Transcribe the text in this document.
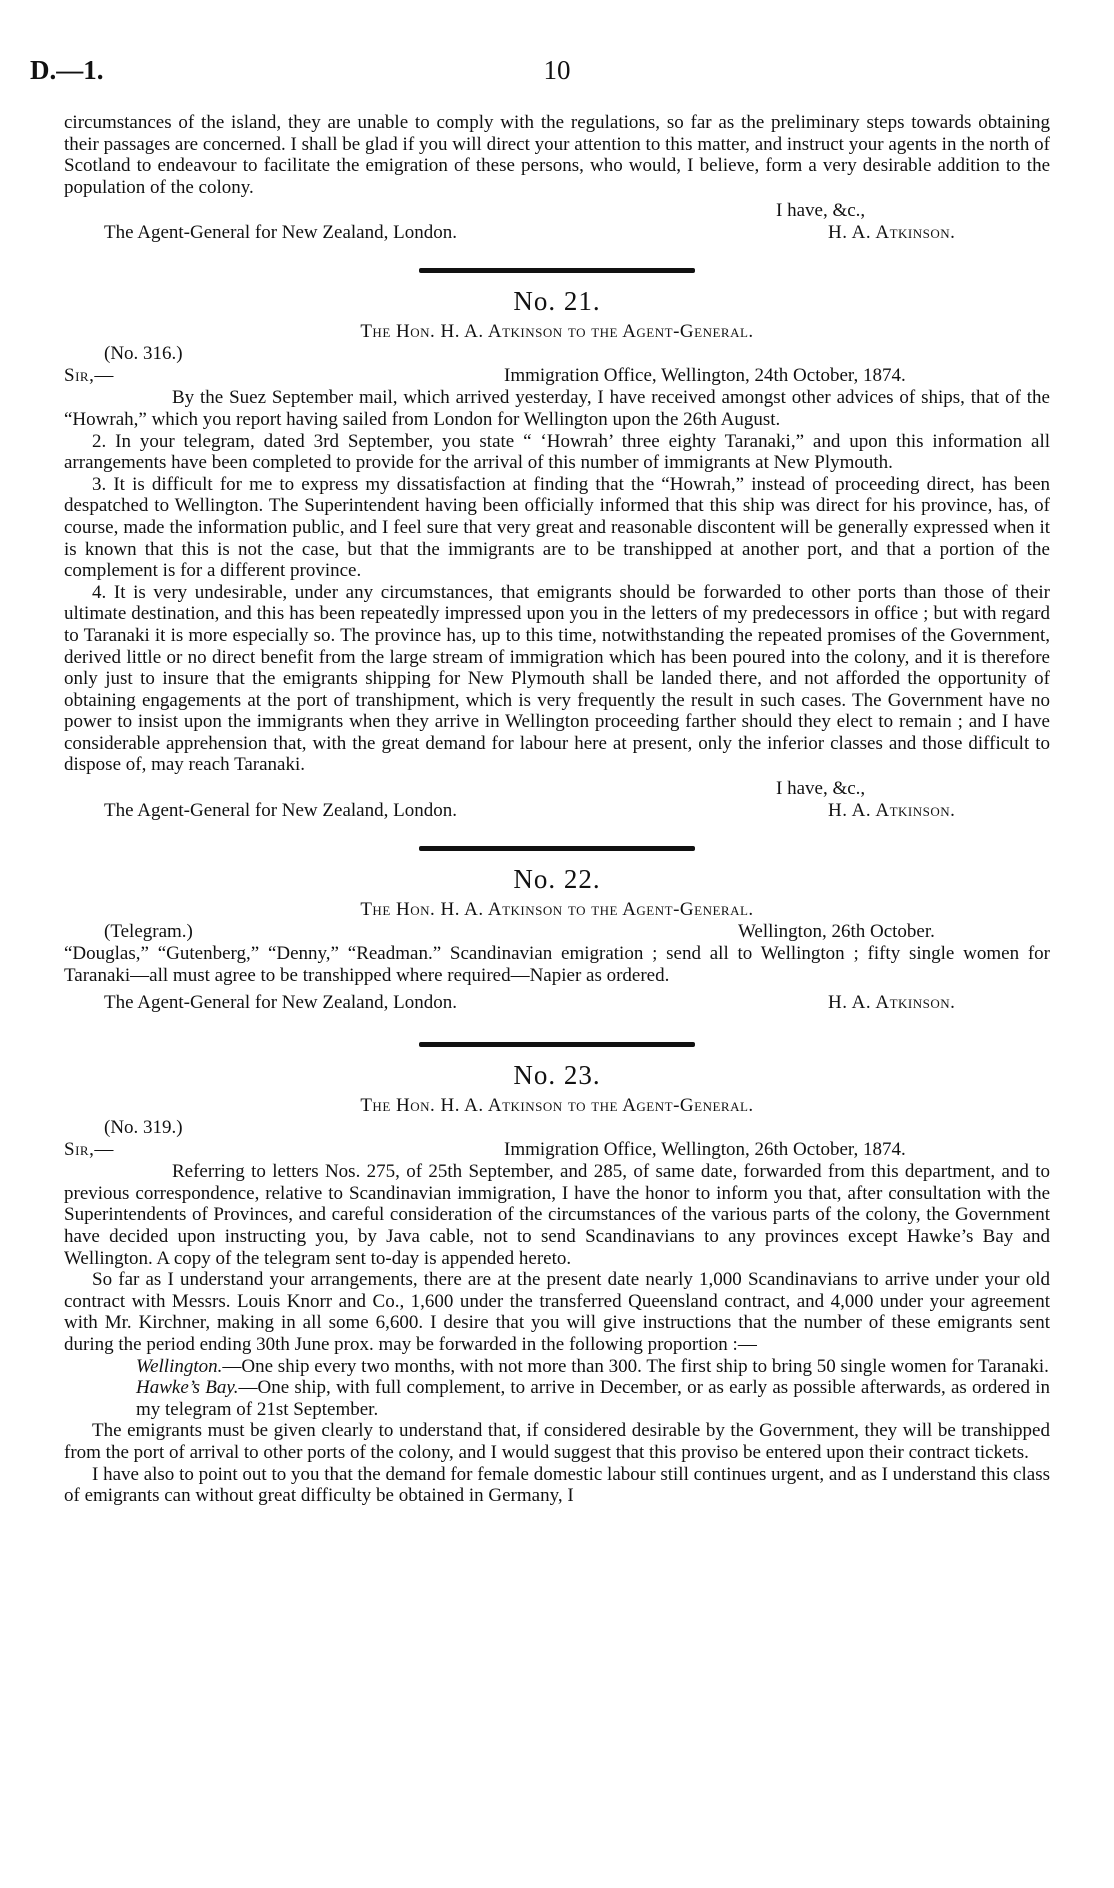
D.—1.	10

circumstances of the island, they are unable to comply with the regulations, so far as the preliminary steps towards obtaining their passages are concerned. I shall be glad if you will direct your attention to this matter, and instruct your agents in the north of Scotland to endeavour to facilitate the emigration of these persons, who would, I believe, form a very desirable addition to the population of the colony.

I have, &c.,
The Agent-General for New Zealand, London.	H. A. Atkinson.
No. 21.
The Hon. H. A. Atkinson to the Agent-General.
(No. 316.)
Sir,—	Immigration Office, Wellington, 24th October, 1874.

By the Suez September mail, which arrived yesterday, I have received amongst other advices of ships, that of the “Howrah,” which you report having sailed from London for Wellington upon the 26th August.

2. In your telegram, dated 3rd September, you state “ ‘Howrah’ three eighty Taranaki,” and upon this information all arrangements have been completed to provide for the arrival of this number of immigrants at New Plymouth.

3. It is difficult for me to express my dissatisfaction at finding that the “Howrah,” instead of proceeding direct, has been despatched to Wellington. The Superintendent having been officially informed that this ship was direct for his province, has, of course, made the information public, and I feel sure that very great and reasonable discontent will be generally expressed when it is known that this is not the case, but that the immigrants are to be transhipped at another port, and that a portion of the complement is for a different province.

4. It is very undesirable, under any circumstances, that emigrants should be forwarded to other ports than those of their ultimate destination, and this has been repeatedly impressed upon you in the letters of my predecessors in office ; but with regard to Taranaki it is more especially so. The province has, up to this time, notwithstanding the repeated promises of the Government, derived little or no direct benefit from the large stream of immigration which has been poured into the colony, and it is therefore only just to insure that the emigrants shipping for New Plymouth shall be landed there, and not afforded the opportunity of obtaining engagements at the port of transhipment, which is very frequently the result in such cases. The Government have no power to insist upon the immigrants when they arrive in Wellington proceeding farther should they elect to remain ; and I have considerable apprehension that, with the great demand for labour here at present, only the inferior classes and those difficult to dispose of, may reach Taranaki.

I have, &c.,
The Agent-General for New Zealand, London.	H. A. Atkinson.
No. 22.
The Hon. H. A. Atkinson to the Agent-General.
(Telegram.)	Wellington, 26th October.

“Douglas,” “Gutenberg,” “Denny,” “Readman.” Scandinavian emigration ; send all to Wellington ; fifty single women for Taranaki—all must agree to be transhipped where required—Napier as ordered.

The Agent-General for New Zealand, London.	H. A. Atkinson.
No. 23.
The Hon. H. A. Atkinson to the Agent-General.
(No. 319.)
Sir,—	Immigration Office, Wellington, 26th October, 1874.

Referring to letters Nos. 275, of 25th September, and 285, of same date, forwarded from this department, and to previous correspondence, relative to Scandinavian immigration, I have the honor to inform you that, after consultation with the Superintendents of Provinces, and careful consideration of the circumstances of the various parts of the colony, the Government have decided upon instructing you, by Java cable, not to send Scandinavians to any provinces except Hawke’s Bay and Wellington. A copy of the telegram sent to-day is appended hereto.

So far as I understand your arrangements, there are at the present date nearly 1,000 Scandinavians to arrive under your old contract with Messrs. Louis Knorr and Co., 1,600 under the transferred Queensland contract, and 4,000 under your agreement with Mr. Kirchner, making in all some 6,600. I desire that you will give instructions that the number of these emigrants sent during the period ending 30th June prox. may be forwarded in the following proportion :—

Wellington.—One ship every two months, with not more than 300. The first ship to bring 50 single women for Taranaki.

Hawke’s Bay.—One ship, with full complement, to arrive in December, or as early as possible afterwards, as ordered in my telegram of 21st September.

The emigrants must be given clearly to understand that, if considered desirable by the Government, they will be transhipped from the port of arrival to other ports of the colony, and I would suggest that this proviso be entered upon their contract tickets.

I have also to point out to you that the demand for female domestic labour still continues urgent, and as I understand this class of emigrants can without great difficulty be obtained in Germany, I
